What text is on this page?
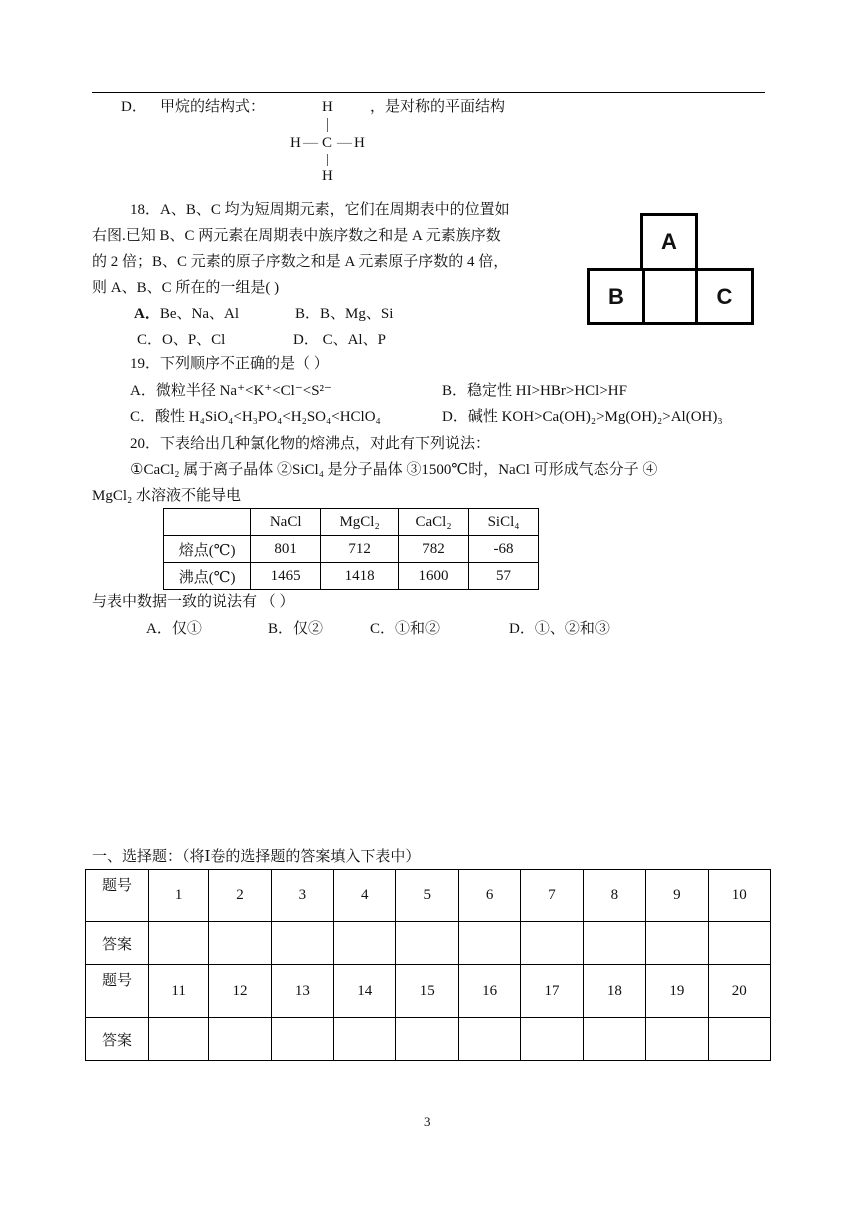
D． 甲烷的结构式：	H ，是对称的平面结构
H — C — H
H
18．A、B、C 均为短周期元素，它们在周期表中的位置如
右图.已知 B、C 两元素在周期表中族序数之和是 A 元素族序数
的 2 倍；B、C 元素的原子序数之和是 A 元素原子序数的 4 倍，
则 A、B、C 所在的一组是( )
A．Be、Na、Al	B．B、Mg、Si
C．O、P、Cl	D． C、Al、P
A
B	C
19．下列顺序不正确的是（ ）
A．微粒半径 Na⁺<K⁺<Cl⁻<S²⁻	B．稳定性 HI>HBr>HCl>HF
C．酸性 H₄SiO₄<H₃PO₄<H₂SO₄<HClO₄	D．碱性 KOH>Ca(OH)₂>Mg(OH)₂>Al(OH)₃
20．下表给出几种氯化物的熔沸点，对此有下列说法：
①CaCl₂ 属于离子晶体 ②SiCl₄ 是分子晶体 ③1500℃时，NaCl 可形成气态分子 ④
MgCl₂ 水溶液不能导电
	NaCl	MgCl₂	CaCl₂	SiCl₄
熔点(℃)	801	712	782	-68
沸点(℃)	1465	1418	1600	57
与表中数据一致的说法有 （ ）
A．仅①	B．仅②	C．①和②	D．①、②和③
一、选择题：（将Ⅰ卷的选择题的答案填入下表中）
题号	1	2	3	4	5	6	7	8	9	10
答案										
题号	11	12	13	14	15	16	17	18	19	20
答案										
3
